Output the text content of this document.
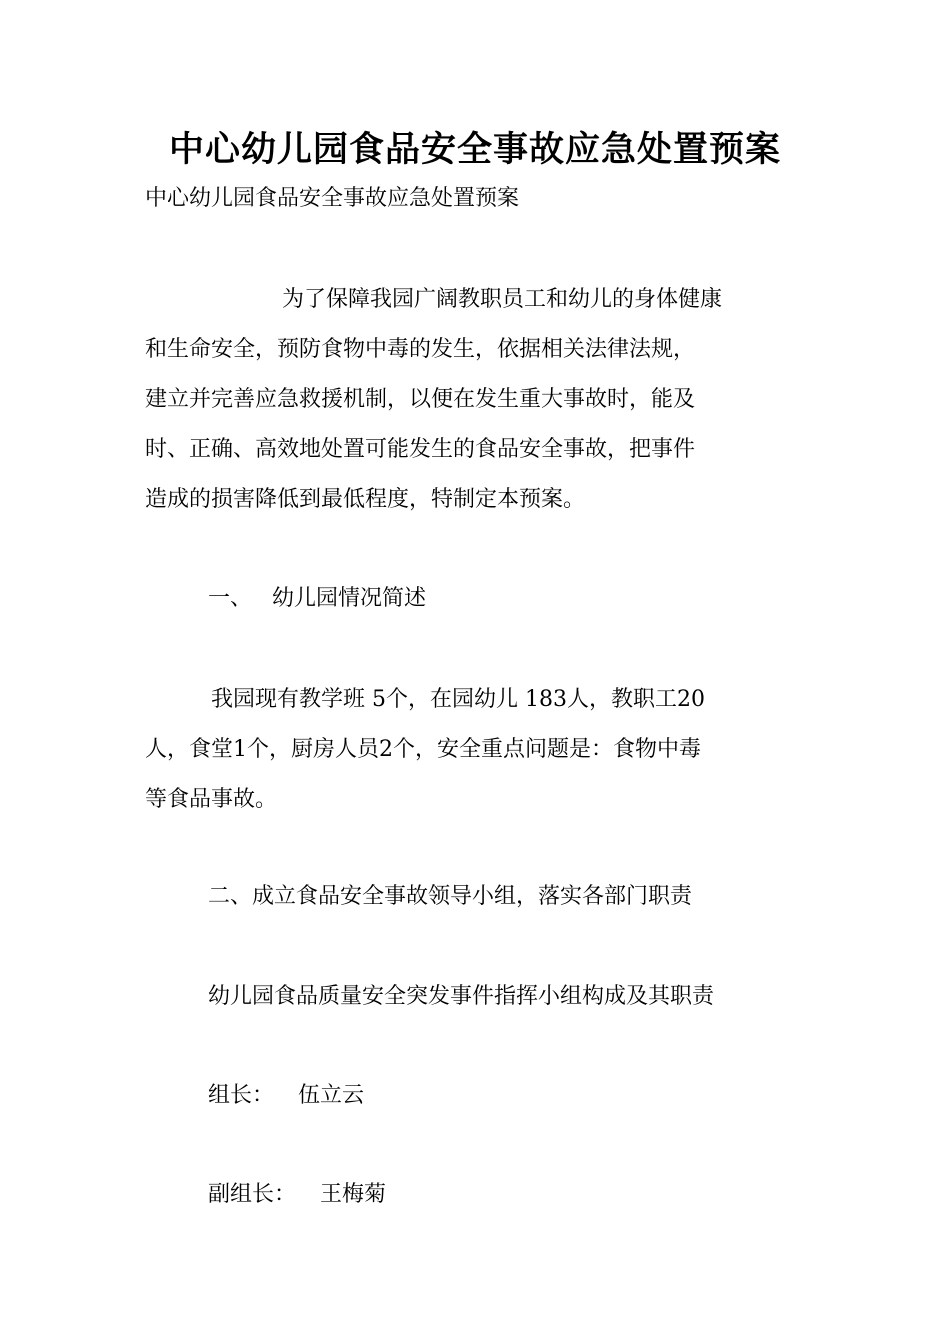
中心幼儿园食品安全事故应急处置预案
中心幼儿园食品安全事故应急处置预案

为了保障我园广阔教职员工和幼儿的身体健康
和生命安全，预防食物中毒的发生，依据相关法律法规，
建立并完善应急救援机制，以便在发生重大事故时，能及
时、正确、高效地处置可能发生的食品安全事故，把事件
造成的损害降低到最低程度，特制定本预案。

一、 幼儿园情况简述

我园现有教学班 5个，在园幼儿 183人，教职工20
人，食堂1个，厨房人员2个，安全重点问题是：食物中毒
等食品事故。

二、成立食品安全事故领导小组，落实各部门职责
幼儿园食品质量安全突发事件指挥小组构成及其职责
组长： 伍立云
副组长： 王梅菊
